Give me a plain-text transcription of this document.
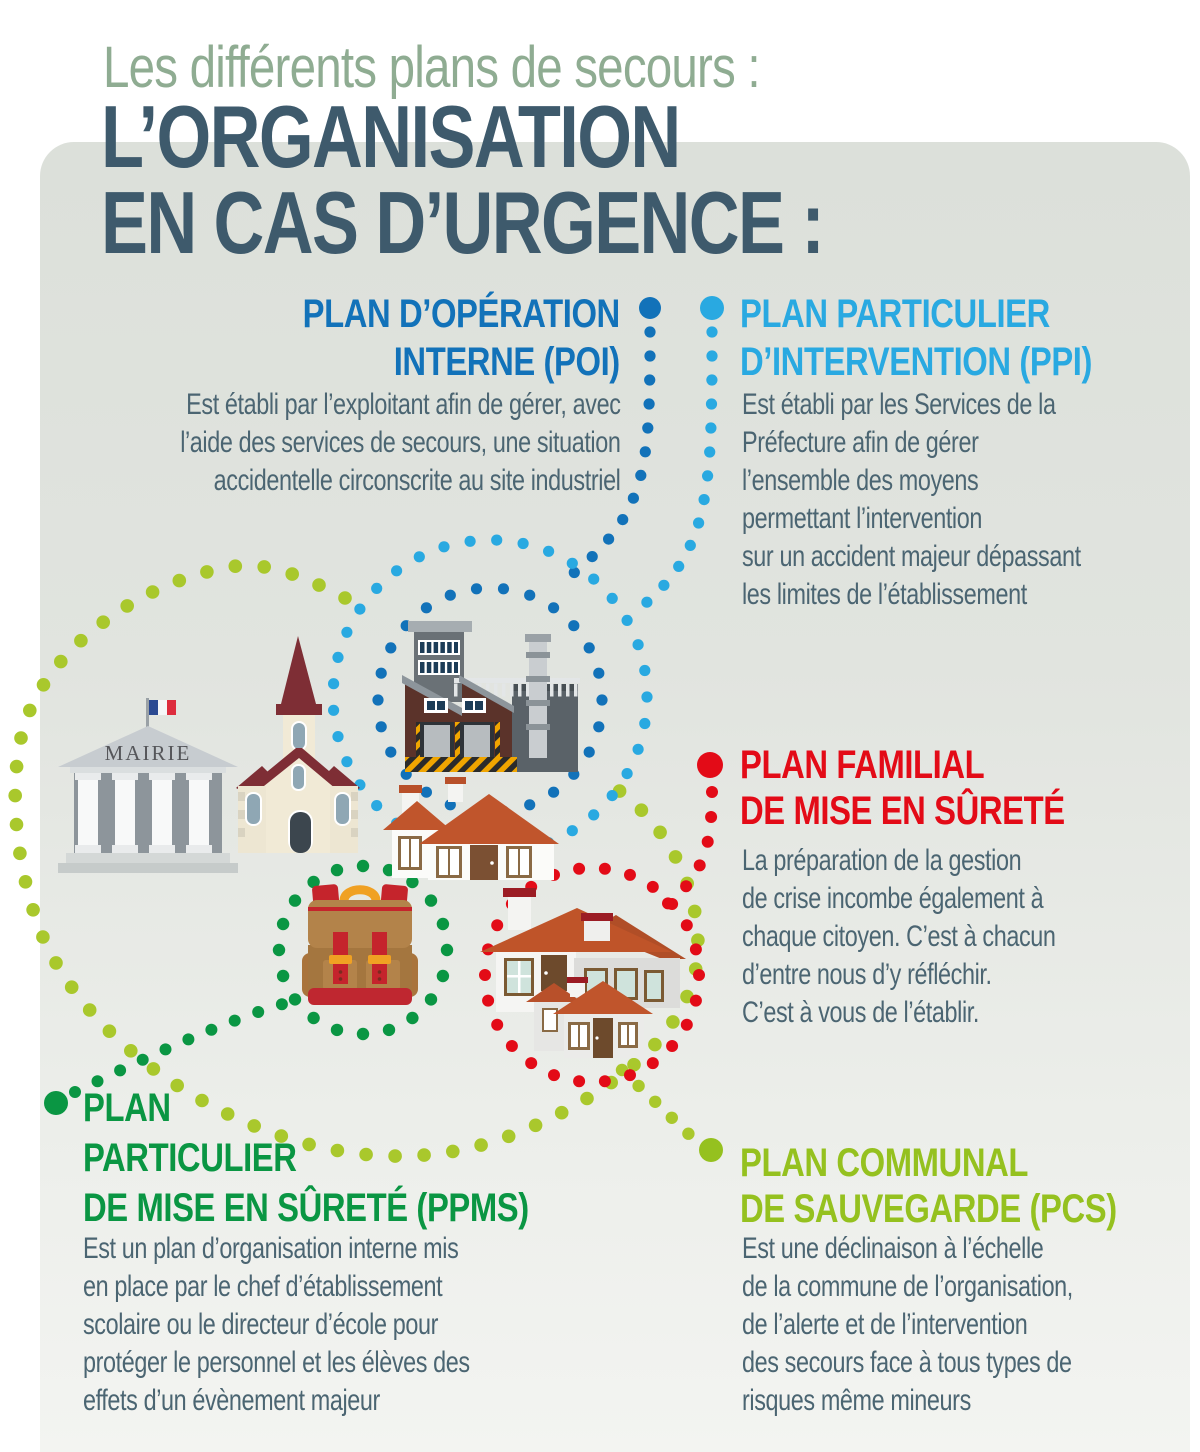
MAIRIE
Les différents plans de secours :
L’ORGANISATION
EN CAS D’URGENCE :
PLAN D’OPÉRATION
INTERNE (POI)
Est établi par l’exploitant afin de gérer, avec
l’aide des services de secours, une situation
accidentelle circonscrite au site industriel
PLAN PARTICULIER
D’INTERVENTION (PPI)
Est établi par les Services de la
Préfecture afin de gérer
l’ensemble des moyens
permettant l’intervention
sur un accident majeur dépassant
les limites de l’établissement
PLAN FAMILIAL
DE MISE EN SÛRETÉ
La préparation de la gestion
de crise incombe également à
chaque citoyen. C’est à chacun
d’entre nous d’y réfléchir.
C’est à vous de l’établir.
PLAN
PARTICULIER
DE MISE EN SÛRETÉ (PPMS)
Est un plan d’organisation interne mis
en place par le chef d’établissement
scolaire ou le directeur d’école pour
protéger le personnel et les élèves des
effets d’un évènement majeur
PLAN COMMUNAL
DE SAUVEGARDE (PCS)
Est une déclinaison à l’échelle
de la commune de l’organisation,
de l’alerte et de l’intervention
des secours face à tous types de
risques même mineurs
